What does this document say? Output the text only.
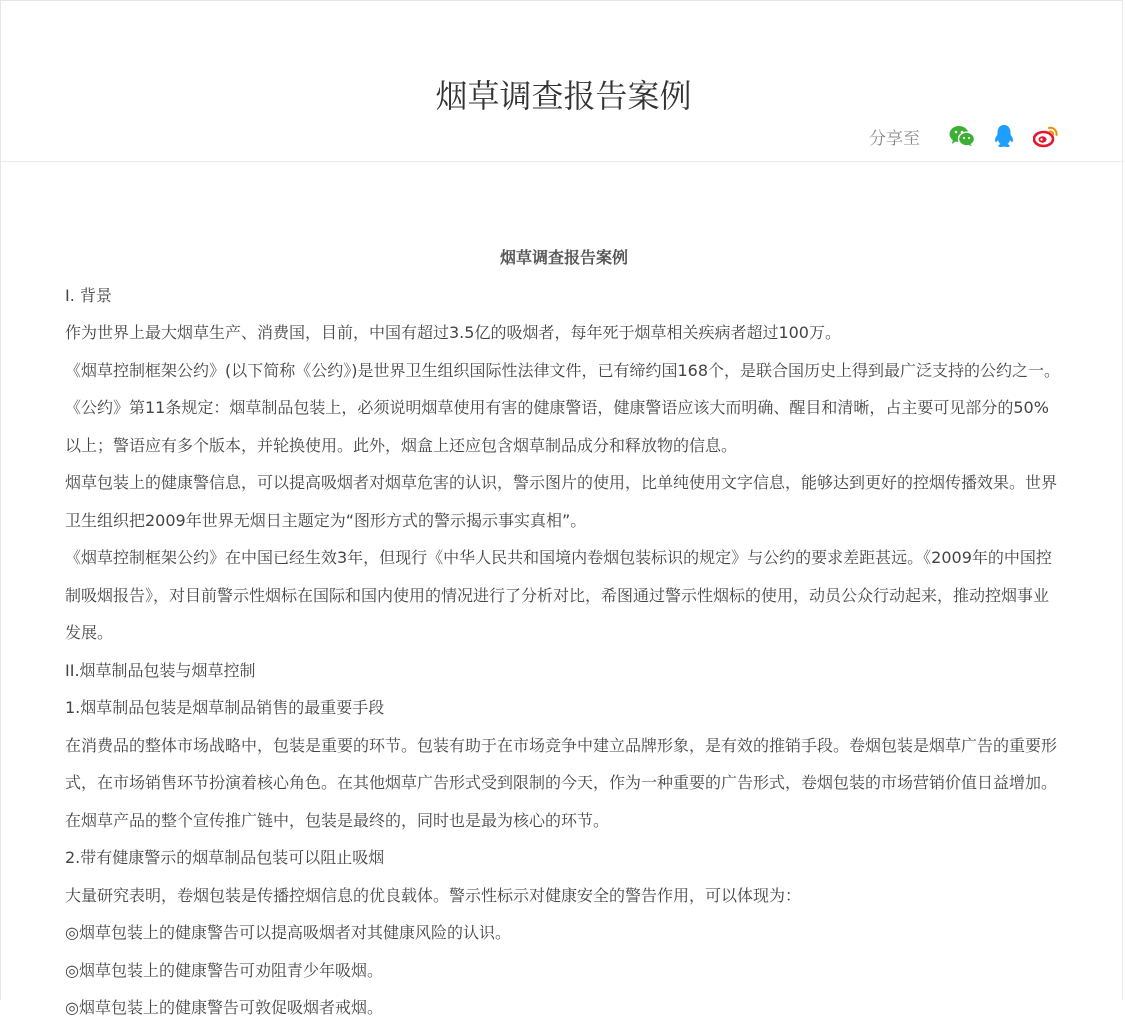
烟草调查报告案例
分享至

烟草调查报告案例

I. 背景

作为世界上最大烟草生产、消费国，目前，中国有超过3.5亿的吸烟者，每年死于烟草相关疾病者超过100万。

《烟草控制框架公约》(以下简称《公约》)是世界卫生组织国际性法律文件，已有缔约国168个，是联合国历史上得到最广泛支持的公约之一。《公约》第11条规定：烟草制品包装上，必须说明烟草使用有害的健康警语，健康警语应该大而明确、醒目和清晰，占主要可见部分的50%以上；警语应有多个版本，并轮换使用。此外，烟盒上还应包含烟草制品成分和释放物的信息。

烟草包装上的健康警信息，可以提高吸烟者对烟草危害的认识，警示图片的使用，比单纯使用文字信息，能够达到更好的控烟传播效果。世界卫生组织把2009年世界无烟日主题定为“图形方式的警示揭示事实真相”。

《烟草控制框架公约》在中国已经生效3年，但现行《中华人民共和国境内卷烟包装标识的规定》与公约的要求差距甚远。《2009年的中国控制吸烟报告》，对目前警示性烟标在国际和国内使用的情况进行了分析对比，希图通过警示性烟标的使用，动员公众行动起来，推动控烟事业发展。

II.烟草制品包装与烟草控制

1.烟草制品包装是烟草制品销售的最重要手段

在消费品的整体市场战略中，包装是重要的环节。包装有助于在市场竞争中建立品牌形象，是有效的推销手段。卷烟包装是烟草广告的重要形式，在市场销售环节扮演着核心角色。在其他烟草广告形式受到限制的今天，作为一种重要的广告形式，卷烟包装的市场营销价值日益增加。在烟草产品的整个宣传推广链中，包装是最终的，同时也是最为核心的环节。

2.带有健康警示的烟草制品包装可以阻止吸烟

大量研究表明，卷烟包装是传播控烟信息的优良载体。警示性标示对健康安全的警告作用，可以体现为：

◎烟草包装上的健康警告可以提高吸烟者对其健康风险的认识。

◎烟草包装上的健康警告可劝阻青少年吸烟。

◎烟草包装上的健康警告可敦促吸烟者戒烟。
